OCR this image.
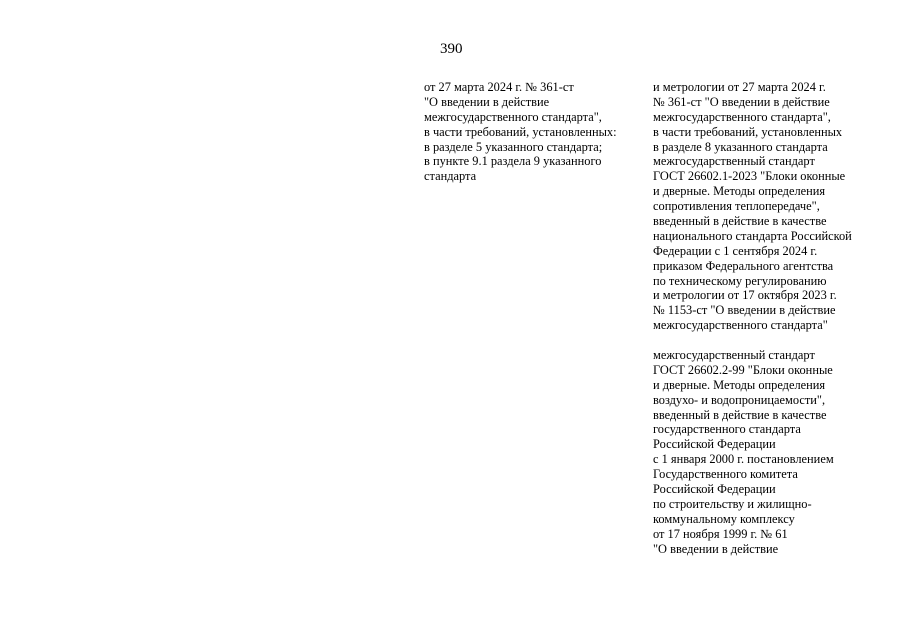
390
от 27 марта 2024 г. № 361-ст
"О введении в действие
межгосударственного стандарта",
в части требований, установленных:
в разделе 5 указанного стандарта;
в пункте 9.1 раздела 9 указанного
стандарта
и метрологии от 27 марта 2024 г.
№ 361-ст "О введении в действие
межгосударственного стандарта",
в части требований, установленных
в разделе 8 указанного стандарта
межгосударственный стандарт
ГОСТ 26602.1-2023 "Блоки оконные
и дверные. Методы определения
сопротивления теплопередаче",
введенный в действие в качестве
национального стандарта Российской
Федерации с 1 сентября 2024 г.
приказом Федерального агентства
по техническому регулированию
и метрологии от 17 октября 2023 г.
№ 1153-ст "О введении в действие
межгосударственного стандарта"
межгосударственный стандарт
ГОСТ 26602.2-99 "Блоки оконные
и дверные. Методы определения
воздухо- и водопроницаемости",
введенный в действие в качестве
государственного стандарта
Российской Федерации
с 1 января 2000 г. постановлением
Государственного комитета
Российской Федерации
по строительству и жилищно-
коммунальному комплексу
от 17 ноября 1999 г. № 61
"О введении в действие
